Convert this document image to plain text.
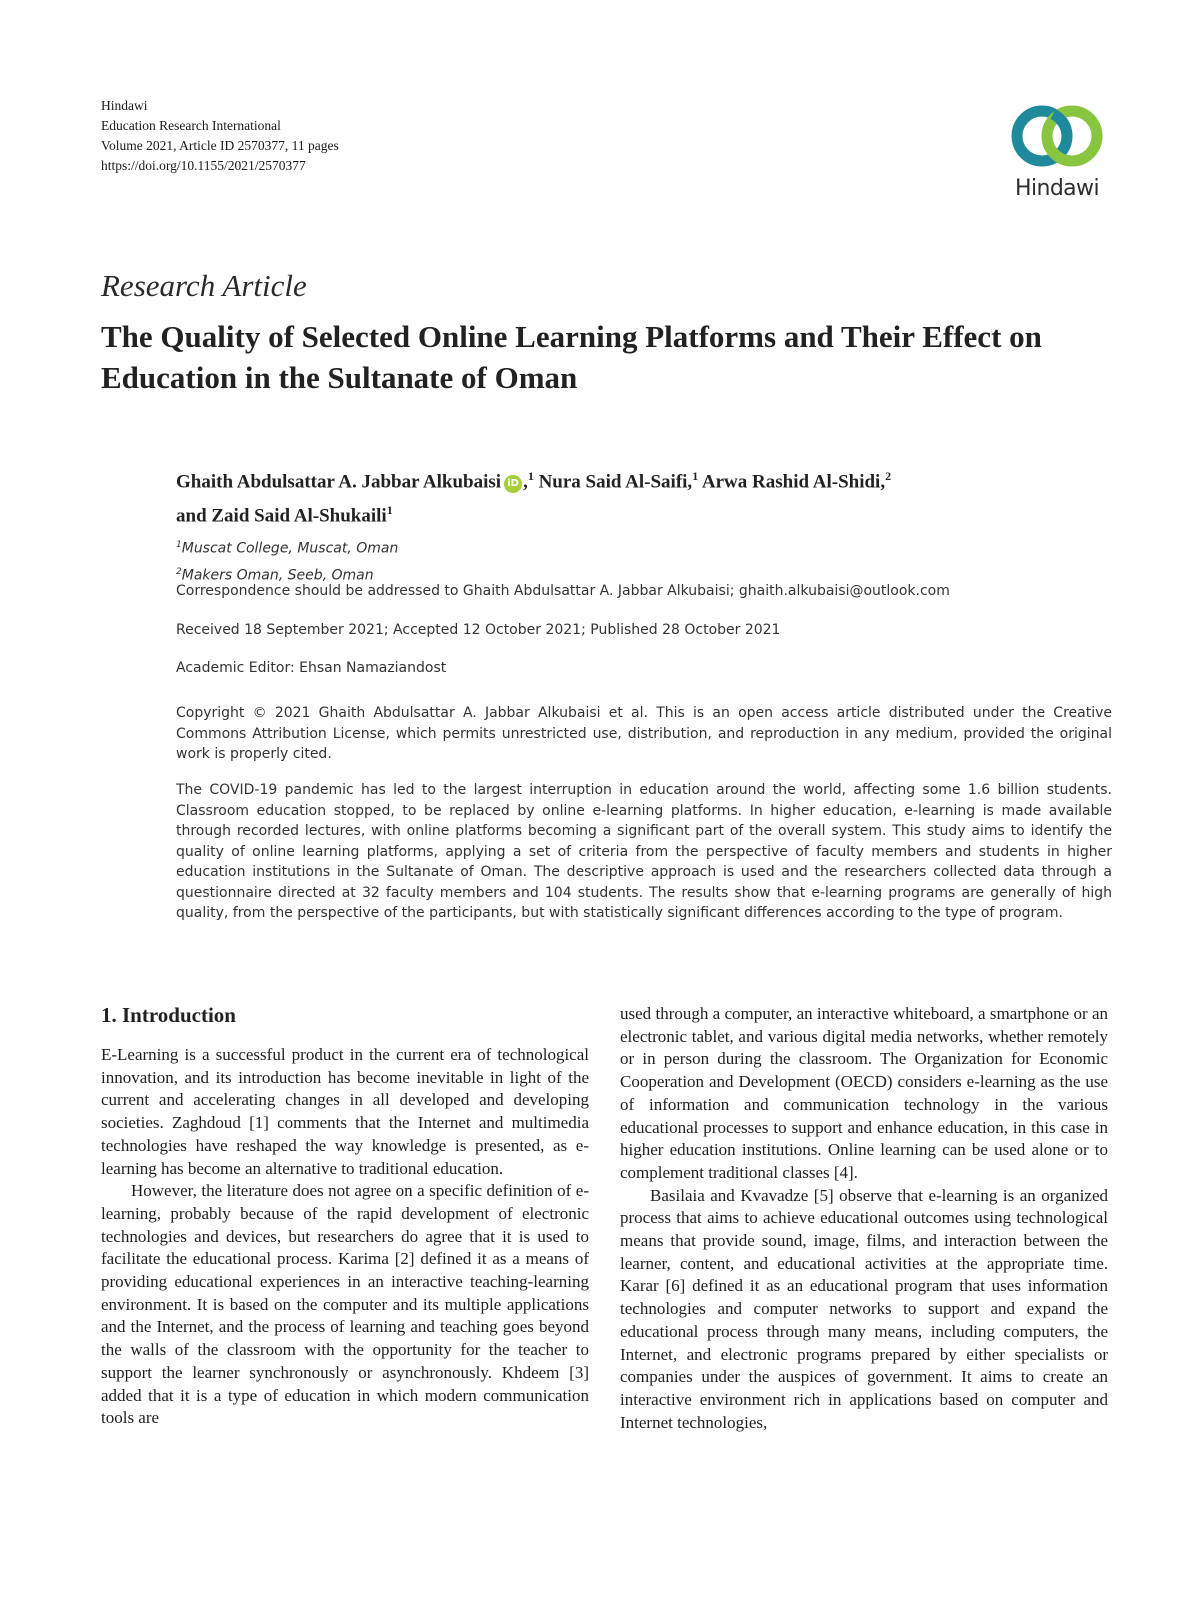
Hindawi
Education Research International
Volume 2021, Article ID 2570377, 11 pages
https://doi.org/10.1155/2021/2570377
Hindawi
Research Article
The Quality of Selected Online Learning Platforms and Their Effect on Education in the Sultanate of Oman
Ghaith Abdulsattar A. Jabbar Alkubaisi iD ,$^1$ Nura Said Al-Saifi,$^1$ Arwa Rashid Al-Shidi,$^2$
and Zaid Said Al-Shukaili$^1$
$^1$Muscat College, Muscat, Oman
$^2$Makers Oman, Seeb, Oman
Correspondence should be addressed to Ghaith Abdulsattar A. Jabbar Alkubaisi; ghaith.alkubaisi@outlook.com
Received 18 September 2021; Accepted 12 October 2021; Published 28 October 2021
Academic Editor: Ehsan Namaziandost

Copyright © 2021 Ghaith Abdulsattar A. Jabbar Alkubaisi et al. This is an open access article distributed under the Creative Commons Attribution License, which permits unrestricted use, distribution, and reproduction in any medium, provided the original work is properly cited.

The COVID-19 pandemic has led to the largest interruption in education around the world, affecting some 1.6 billion students. Classroom education stopped, to be replaced by online e-learning platforms. In higher education, e-learning is made available through recorded lectures, with online platforms becoming a significant part of the overall system. This study aims to identify the quality of online learning platforms, applying a set of criteria from the perspective of faculty members and students in higher education institutions in the Sultanate of Oman. The descriptive approach is used and the researchers collected data through a questionnaire directed at 32 faculty members and 104 students. The results show that e-learning programs are generally of high quality, from the perspective of the participants, but with statistically significant differences according to the type of program.

1. Introduction

E-Learning is a successful product in the current era of technological innovation, and its introduction has become inevitable in light of the current and accelerating changes in all developed and developing societies. Zaghdoud [1] comments that the Internet and multimedia technologies have reshaped the way knowledge is presented, as e-learning has become an alternative to traditional education.

However, the literature does not agree on a specific definition of e-learning, probably because of the rapid development of electronic technologies and devices, but researchers do agree that it is used to facilitate the educational process. Karima [2] defined it as a means of providing educational experiences in an interactive teaching-learning environment. It is based on the computer and its multiple applications and the Internet, and the process of learning and teaching goes beyond the walls of the classroom with the opportunity for the teacher to support the learner synchronously or asynchronously. Khdeem [3] added that it is a type of education in which modern communication tools are

used through a computer, an interactive whiteboard, a smartphone or an electronic tablet, and various digital media networks, whether remotely or in person during the classroom. The Organization for Economic Cooperation and Development (OECD) considers e-learning as the use of information and communication technology in the various educational processes to support and enhance education, in this case in higher education institutions. Online learning can be used alone or to complement traditional classes [4].

Basilaia and Kvavadze [5] observe that e-learning is an organized process that aims to achieve educational outcomes using technological means that provide sound, image, films, and interaction between the learner, content, and educational activities at the appropriate time. Karar [6] defined it as an educational program that uses information technologies and computer networks to support and expand the educational process through many means, including computers, the Internet, and electronic programs prepared by either specialists or companies under the auspices of government. It aims to create an interactive environment rich in applications based on computer and Internet technologies,
